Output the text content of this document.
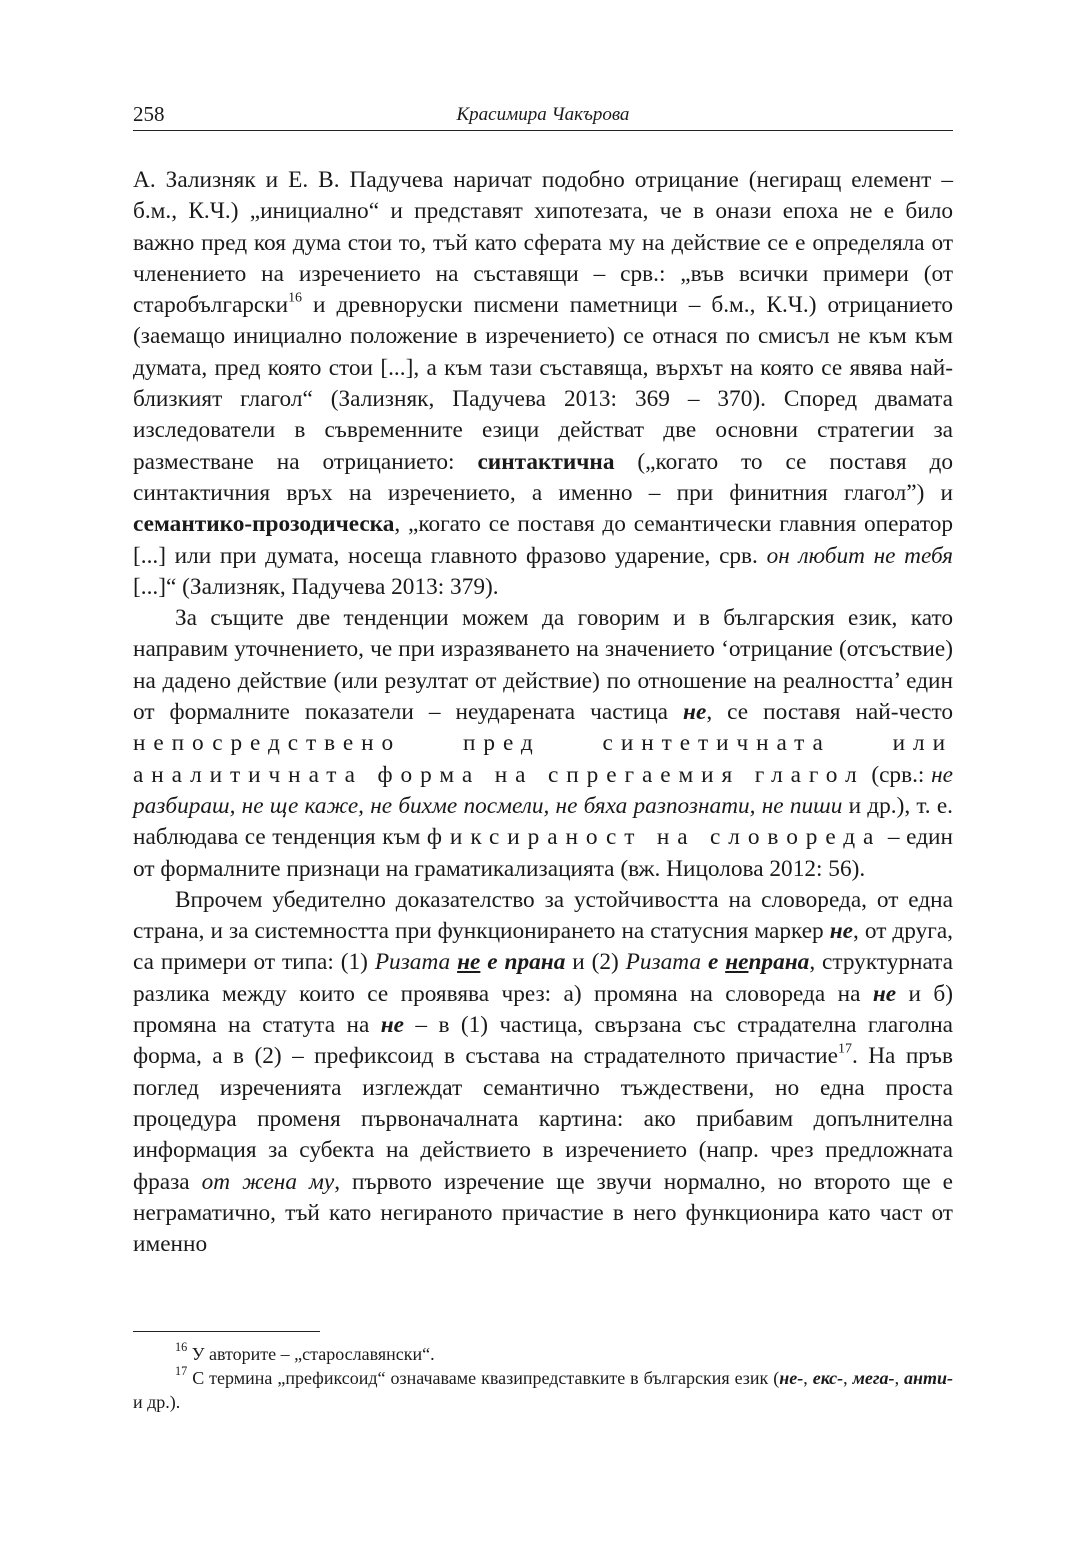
258	Красимира Чакърова

А. Зализняк и Е. В. Падучева наричат подобно отрицание (негиращ елемент – б.м., К.Ч.) „инициално“ и представят хипотезата, че в онази епоха не е било важно пред коя дума стои то, тъй като сферата му на действие се е определяла от членението на изречението на съставящи – срв.: „във всички примери (от старобългарски$^{16}$ и древноруски писмени паметници – б.м., К.Ч.) отрицанието (заемащо инициално положение в изречението) се отнася по смисъл не към към думата, пред която стои [...], а към тази съставяща, върхът на която се явява най-близкият глагол“ (Зализняк, Падучева 2013: 369 – 370). Според двамата изследователи в съвременните езици действат две основни стратегии за разместване на отрицанието: синтактична („когато то се поставя до синтактичния връх на изречението, а именно – при финитния глагол”) и семантико-прозодическа, „когато се поставя до семантически главния оператор [...] или при думата, носеща главното фразово ударение, срв. он любит не тебя [...]“ (Зализняк, Падучева 2013: 379).

За същите две тенденции можем да говорим и в българския език, като направим уточнението, че при изразяването на значението ‘отрицание (отсъствие) на дадено действие (или резултат от действие) по отношение на реалността’ един от формалните показатели – неударената частица не, се поставя най-често непосредствено пред синтетичната или аналитичната форма на спрегаемия глагол (срв.: не разбираш, не ще каже, не бихме посмели, не бяха разпознати, не пиши и др.), т. е. наблюдава се тенденция към фиксираност на словореда – един от формалните признаци на граматикализацията (вж. Ницолова 2012: 56).

Впрочем убедително доказателство за устойчивостта на словореда, от една страна, и за системността при функционирането на статусния маркер не, от друга, са примери от типа: (1) Ризата не е прана и (2) Ризата е непрана, структурната разлика между които се проявява чрез: а) промяна на словореда на не и б) промяна на статута на не – в (1) частица, свързана със страдателна глаголна форма, а в (2) – префиксоид в състава на страдателното причастие$^{17}$. На пръв поглед изреченията изглеждат семантично тъждествени, но една проста процедура променя първоначалната картина: ако прибавим допълнителна информация за субекта на действието в изречението (напр. чрез предложната фраза от жена му, първото изречение ще звучи нормално, но второто ще е неграматично, тъй като негираното причастие в него функционира като част от именно

$^{16}$ У авторите – „старославянски“.

$^{17}$ С термина „префиксоид“ означаваме квазипредставките в българския език (не-, екс-, мега-, анти- и др.).
